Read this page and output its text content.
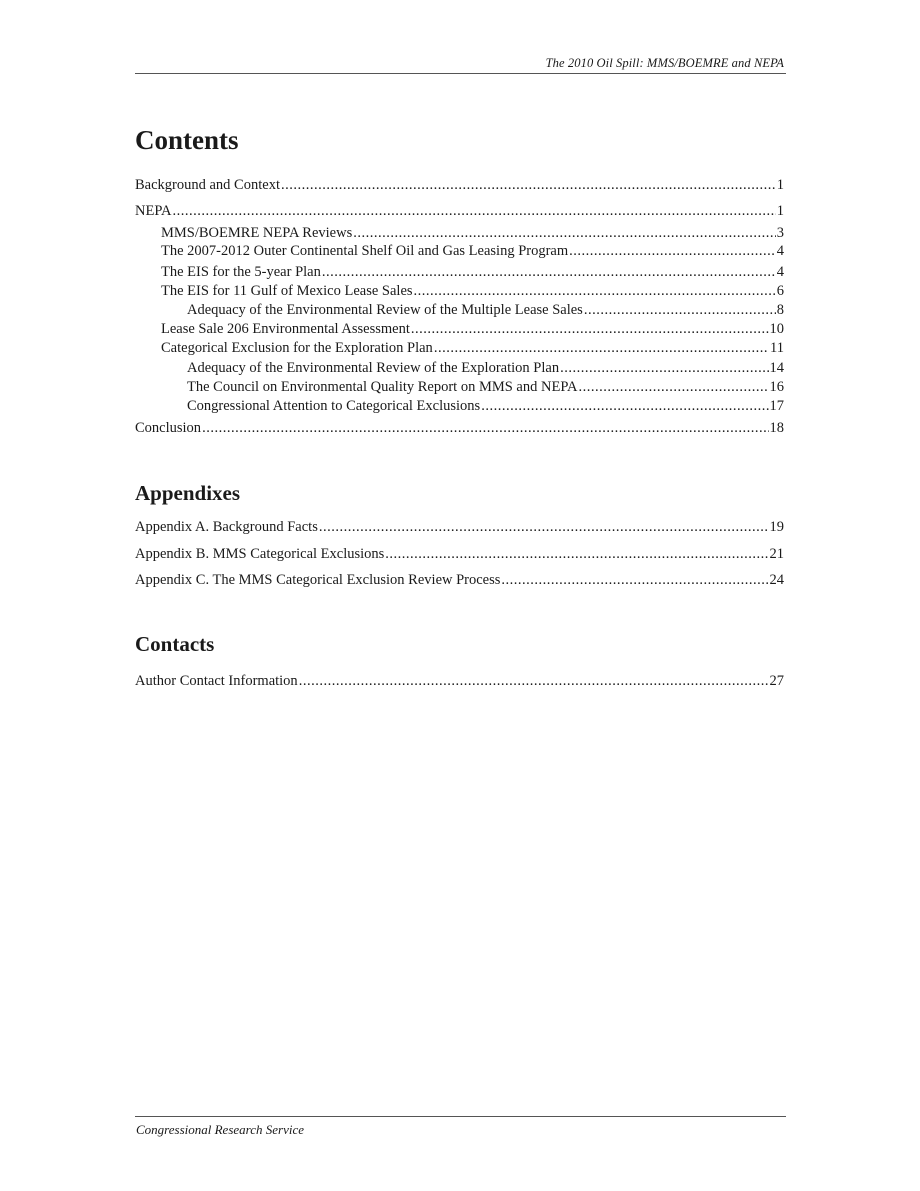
The 2010 Oil Spill: MMS/BOEMRE and NEPA
Contents
Background and Context .....	1
NEPA .....	1
MMS/BOEMRE NEPA Reviews .....	3
The 2007-2012 Outer Continental Shelf Oil and Gas Leasing Program .....	4
The EIS for the 5-year Plan .....	4
The EIS for 11 Gulf of Mexico Lease Sales .....	6
Adequacy of the Environmental Review of the Multiple Lease Sales .....	8
Lease Sale 206 Environmental Assessment .....	10
Categorical Exclusion for the Exploration Plan .....	11
Adequacy of the Environmental Review of the Exploration Plan .....	14
The Council on Environmental Quality Report on MMS and NEPA .....	16
Congressional Attention to Categorical Exclusions .....	17
Conclusion .....	18
Appendix A. Background Facts .....	19
Appendix B. MMS Categorical Exclusions .....	21
Appendix C. The MMS Categorical Exclusion Review Process .....	24
Author Contact Information .....	27
Appendixes
Contacts
Congressional Research Service
